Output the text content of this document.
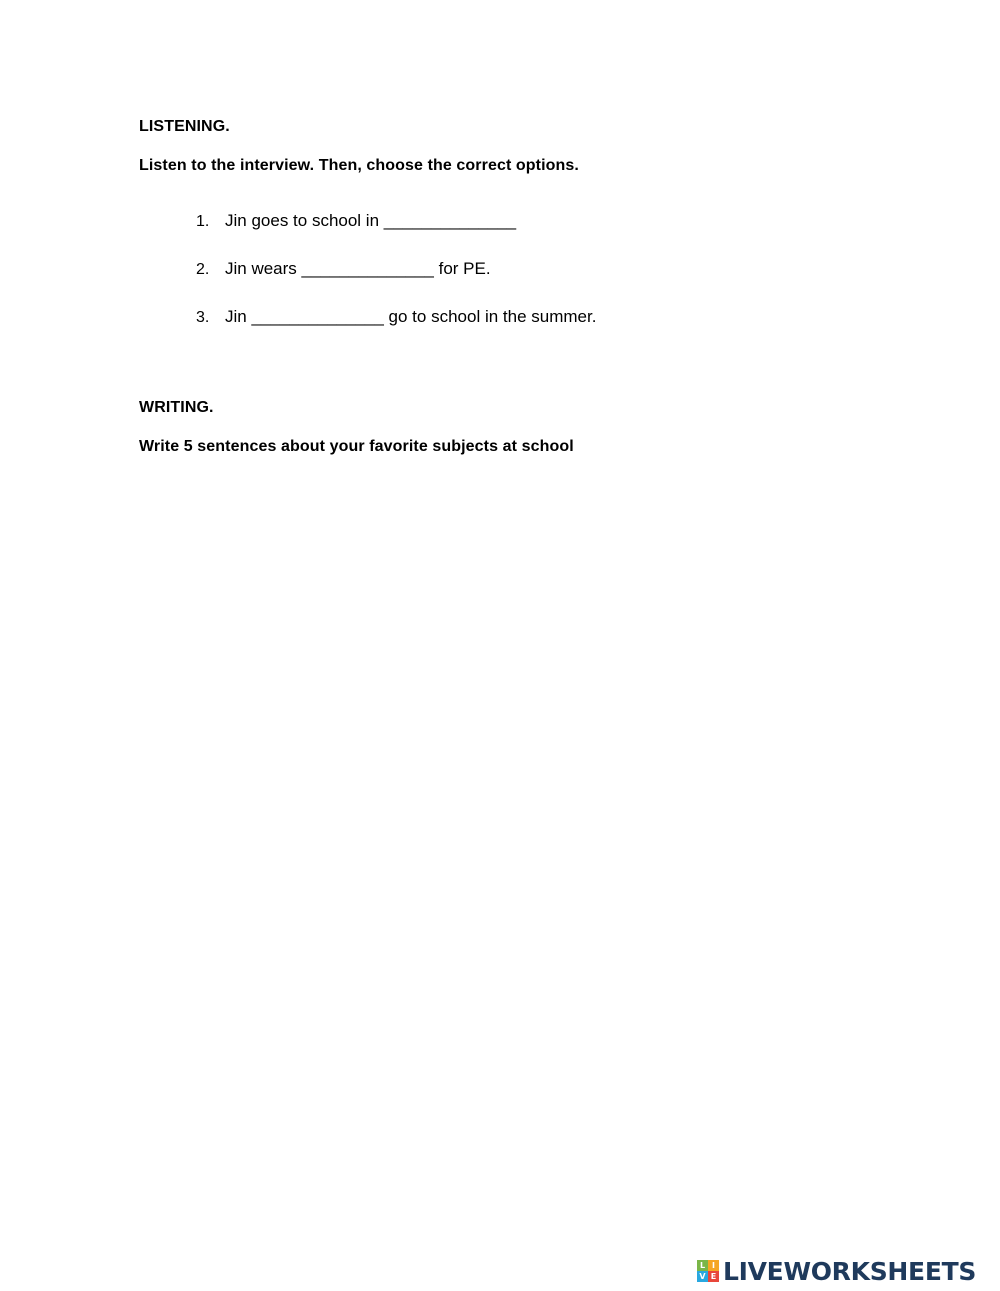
LISTENING.
Listen to the interview. Then, choose the correct options.
1. Jin goes to school in ______________
2. Jin wears ______________ for PE.
3. Jin ______________ go to school in the summer.
WRITING.
Write 5 sentences about your favorite subjects at school
L I
V E LIVEWORKSHEETS
